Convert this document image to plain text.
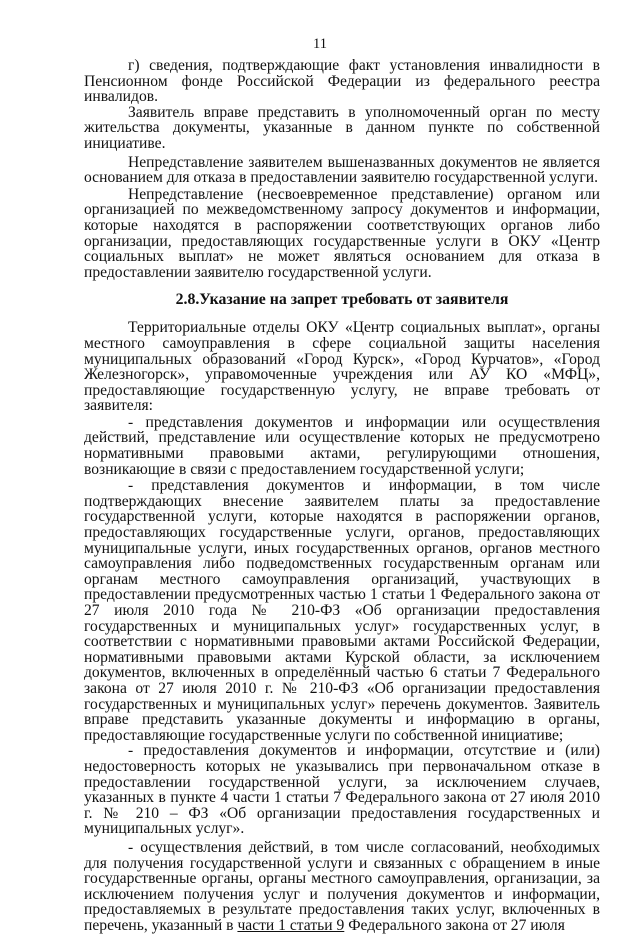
11

г) сведения, подтверждающие факт установления инвалидности в Пенсионном фонде Российской Федерации из федерального реестра инвалидов.

Заявитель вправе представить в уполномоченный орган по месту жительства документы, указанные в данном пункте по собственной инициативе.

Непредставление заявителем вышеназванных документов не является основанием для отказа в предоставлении заявителю государственной услуги.

Непредставление (несвоевременное представление) органом или организацией по межведомственному запросу документов и информации, которые находятся в распоряжении соответствующих органов либо организации, предоставляющих государственные услуги в ОКУ «Центр социальных выплат» не может являться основанием для отказа в предоставлении заявителю государственной услуги.

2.8.Указание на запрет требовать от заявителя

Территориальные отделы ОКУ «Центр социальных выплат», органы местного самоуправления в сфере социальной защиты населения муниципальных образований «Город Курск», «Город Курчатов», «Город Железногорск», управомоченные учреждения или АУ КО «МФЦ», предоставляющие государственную услугу, не вправе требовать от заявителя:

- представления документов и информации или осуществления действий, представление или осуществление которых не предусмотрено нормативными правовыми актами, регулирующими отношения, возникающие в связи с предоставлением государственной услуги;

- представления документов и информации, в том числе подтверждающих внесение заявителем платы за предоставление государственной услуги, которые находятся в распоряжении органов, предоставляющих государственные услуги, органов, предоставляющих муниципальные услуги, иных государственных органов, органов местного самоуправления либо подведомственных государственным органам или органам местного самоуправления организаций, участвующих в предоставлении предусмотренных частью 1 статьи 1 Федерального закона от 27 июля 2010 года № 210-ФЗ «Об организации предоставления государственных и муниципальных услуг» государственных услуг, в соответствии с нормативными правовыми актами Российской Федерации, нормативными правовыми актами Курской области, за исключением документов, включенных в определённый частью 6 статьи 7 Федерального закона от 27 июля 2010 г. № 210-ФЗ «Об организации предоставления государственных и муниципальных услуг» перечень документов. Заявитель вправе представить указанные документы и информацию в органы, предоставляющие государственные услуги по собственной инициативе;

- предоставления документов и информации, отсутствие и (или) недостоверность которых не указывались при первоначальном отказе в предоставлении государственной услуги, за исключением случаев, указанных в пункте 4 части 1 статьи 7 Федерального закона от 27 июля 2010 г. № 210 – ФЗ «Об организации предоставления государственных и муниципальных услуг».

- осуществления действий, в том числе согласований, необходимых для получения государственной услуги и связанных с обращением в иные государственные органы, органы местного самоуправления, организации, за исключением получения услуг и получения документов и информации, предоставляемых в результате предоставления таких услуг, включенных в перечень, указанный в части 1 статьи 9 Федерального закона от 27 июля
